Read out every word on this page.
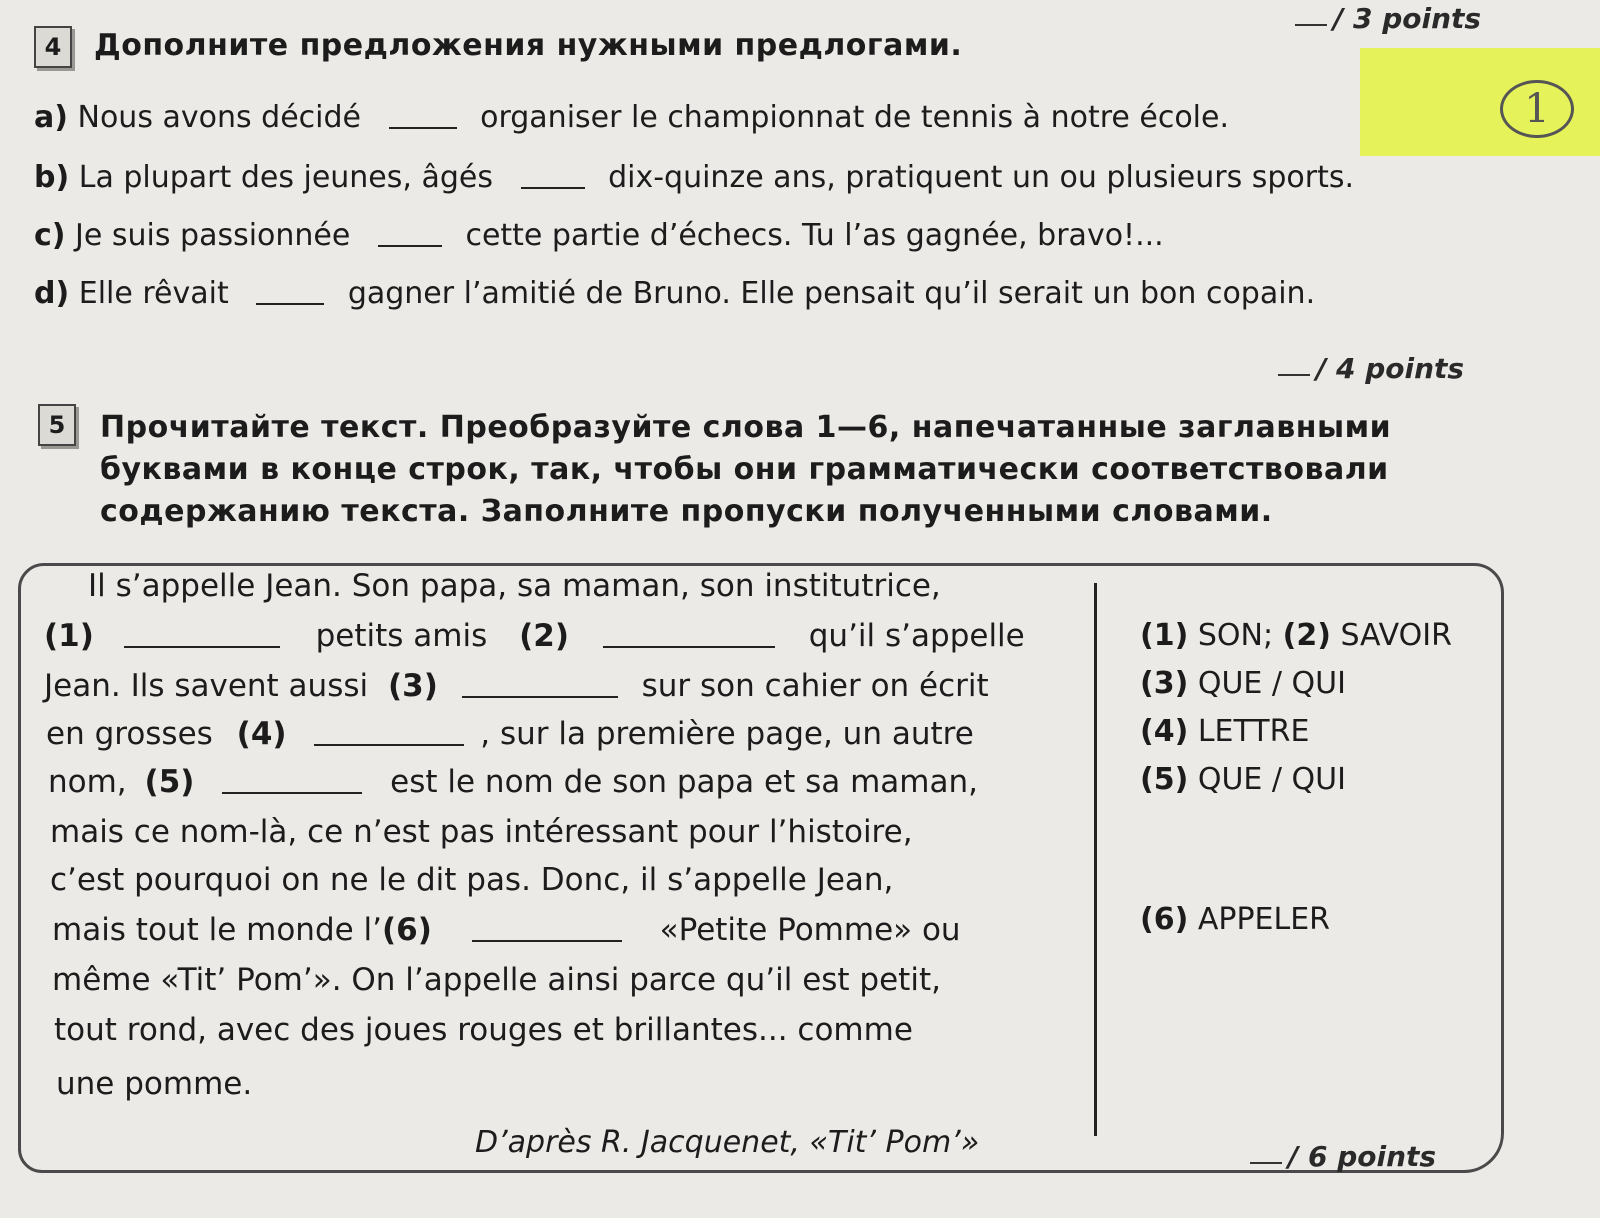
1
/ 3 points
4	Дополните предложения нужными предлогами.
a) Nous avons décidé	organiser le championnat de tennis à notre école.
b) La plupart des jeunes, âgés	dix-quinze ans, pratiquent un ou plusieurs sports.
c) Je suis passionnée	cette partie d’échecs. Tu l’as gagnée, bravo!...
d) Elle rêvait	gagner l’amitié de Bruno. Elle pensait qu’il serait un bon copain.
/ 4 points
5	Прочитайте текст. Преобразуйте слова 1—6, напечатанные заглавными
буквами в конце строк, так, чтобы они грамматически соответствовали
содержанию текста. Заполните пропуски полученными словами.
Il s’appelle Jean. Son papa, sa maman, son institutrice,
(1)	petits amis (2)	qu’il s’appelle
Jean. Ils savent aussi (3)	sur son cahier on écrit
en grosses (4)	, sur la première page, un autre
nom, (5)	est le nom de son papa et sa maman,
mais ce nom-là, ce n’est pas intéressant pour l’histoire,
c’est pourquoi on ne le dit pas. Donc, il s’appelle Jean,
mais tout le monde l’(6)	«Petite Pomme» ou
même «Tit’ Pom’». On l’appelle ainsi parce qu’il est petit,
tout rond, avec des joues rouges et brillantes... comme
une pomme.
D’après R. Jacquenet, «Tit’ Pom’»
(1) SON; (2) SAVOIR
(3) QUE / QUI
(4) LETTRE
(5) QUE / QUI
(6) APPELER
/ 6 points
